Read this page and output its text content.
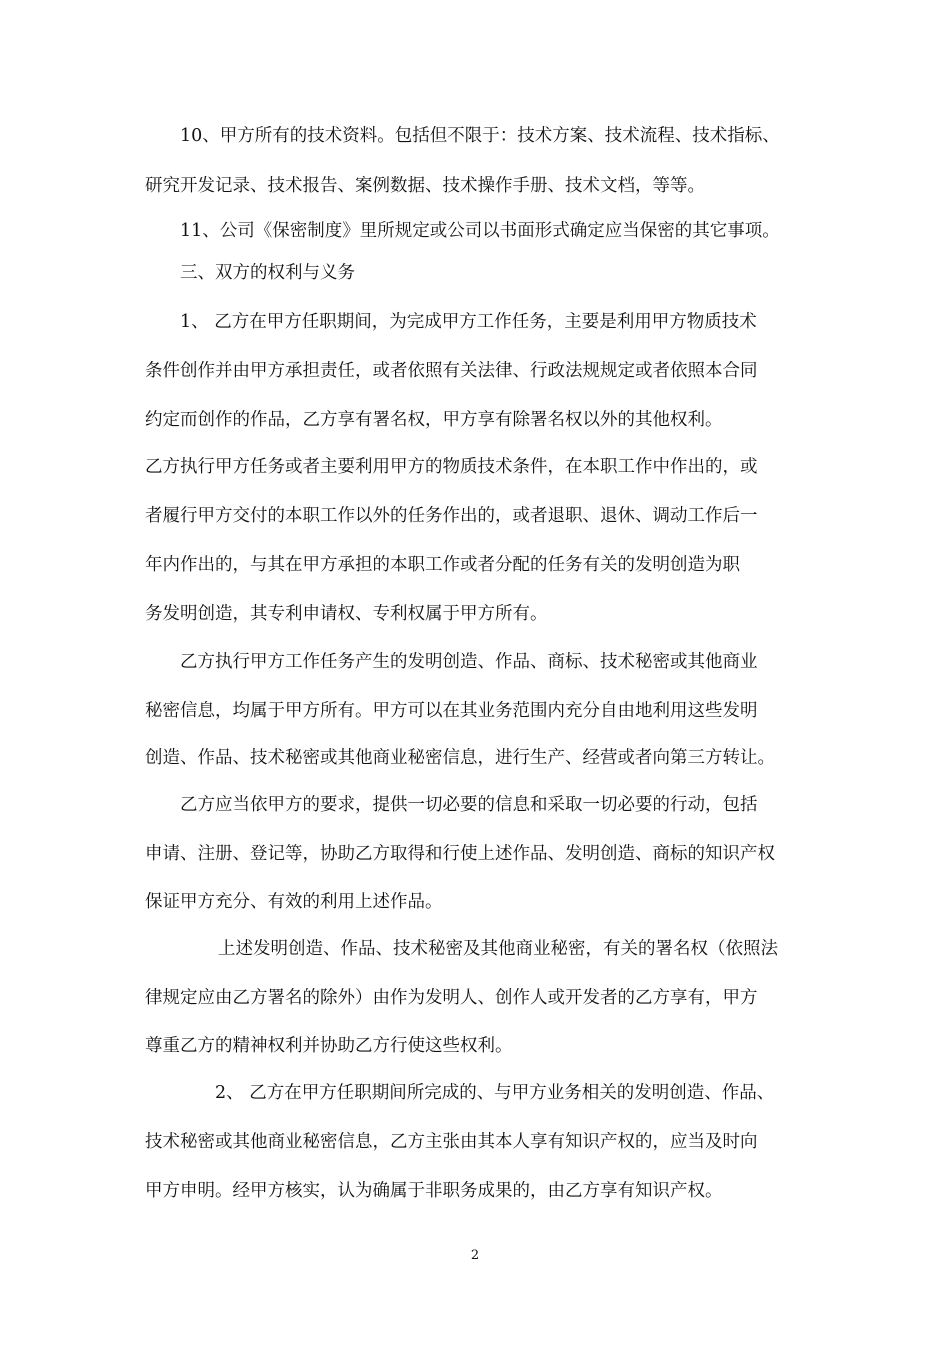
10、甲方所有的技术资料。包括但不限于：技术方案、技术流程、技术指标、
研究开发记录、技术报告、案例数据、技术操作手册、技术文档，等等。
11、公司《保密制度》里所规定或公司以书面形式确定应当保密的其它事项。
三、双方的权利与义务
1、 乙方在甲方任职期间，为完成甲方工作任务，主要是利用甲方物质技术
条件创作并由甲方承担责任，或者依照有关法律、行政法规规定或者依照本合同
约定而创作的作品，乙方享有署名权，甲方享有除署名权以外的其他权利。
乙方执行甲方任务或者主要利用甲方的物质技术条件，在本职工作中作出的，或
者履行甲方交付的本职工作以外的任务作出的，或者退职、退休、调动工作后一
年内作出的，与其在甲方承担的本职工作或者分配的任务有关的发明创造为职
务发明创造，其专利申请权、专利权属于甲方所有。
乙方执行甲方工作任务产生的发明创造、作品、商标、技术秘密或其他商业
秘密信息，均属于甲方所有。甲方可以在其业务范围内充分自由地利用这些发明
创造、作品、技术秘密或其他商业秘密信息，进行生产、经营或者向第三方转让。
乙方应当依甲方的要求，提供一切必要的信息和采取一切必要的行动，包括
申请、注册、登记等，协助乙方取得和行使上述作品、发明创造、商标的知识产权
保证甲方充分、有效的利用上述作品。
上述发明创造、作品、技术秘密及其他商业秘密，有关的署名权（依照法
律规定应由乙方署名的除外）由作为发明人、创作人或开发者的乙方享有，甲方
尊重乙方的精神权利并协助乙方行使这些权利。
2、 乙方在甲方任职期间所完成的、与甲方业务相关的发明创造、作品、
技术秘密或其他商业秘密信息，乙方主张由其本人享有知识产权的，应当及时向
甲方申明。经甲方核实，认为确属于非职务成果的，由乙方享有知识产权。
2
